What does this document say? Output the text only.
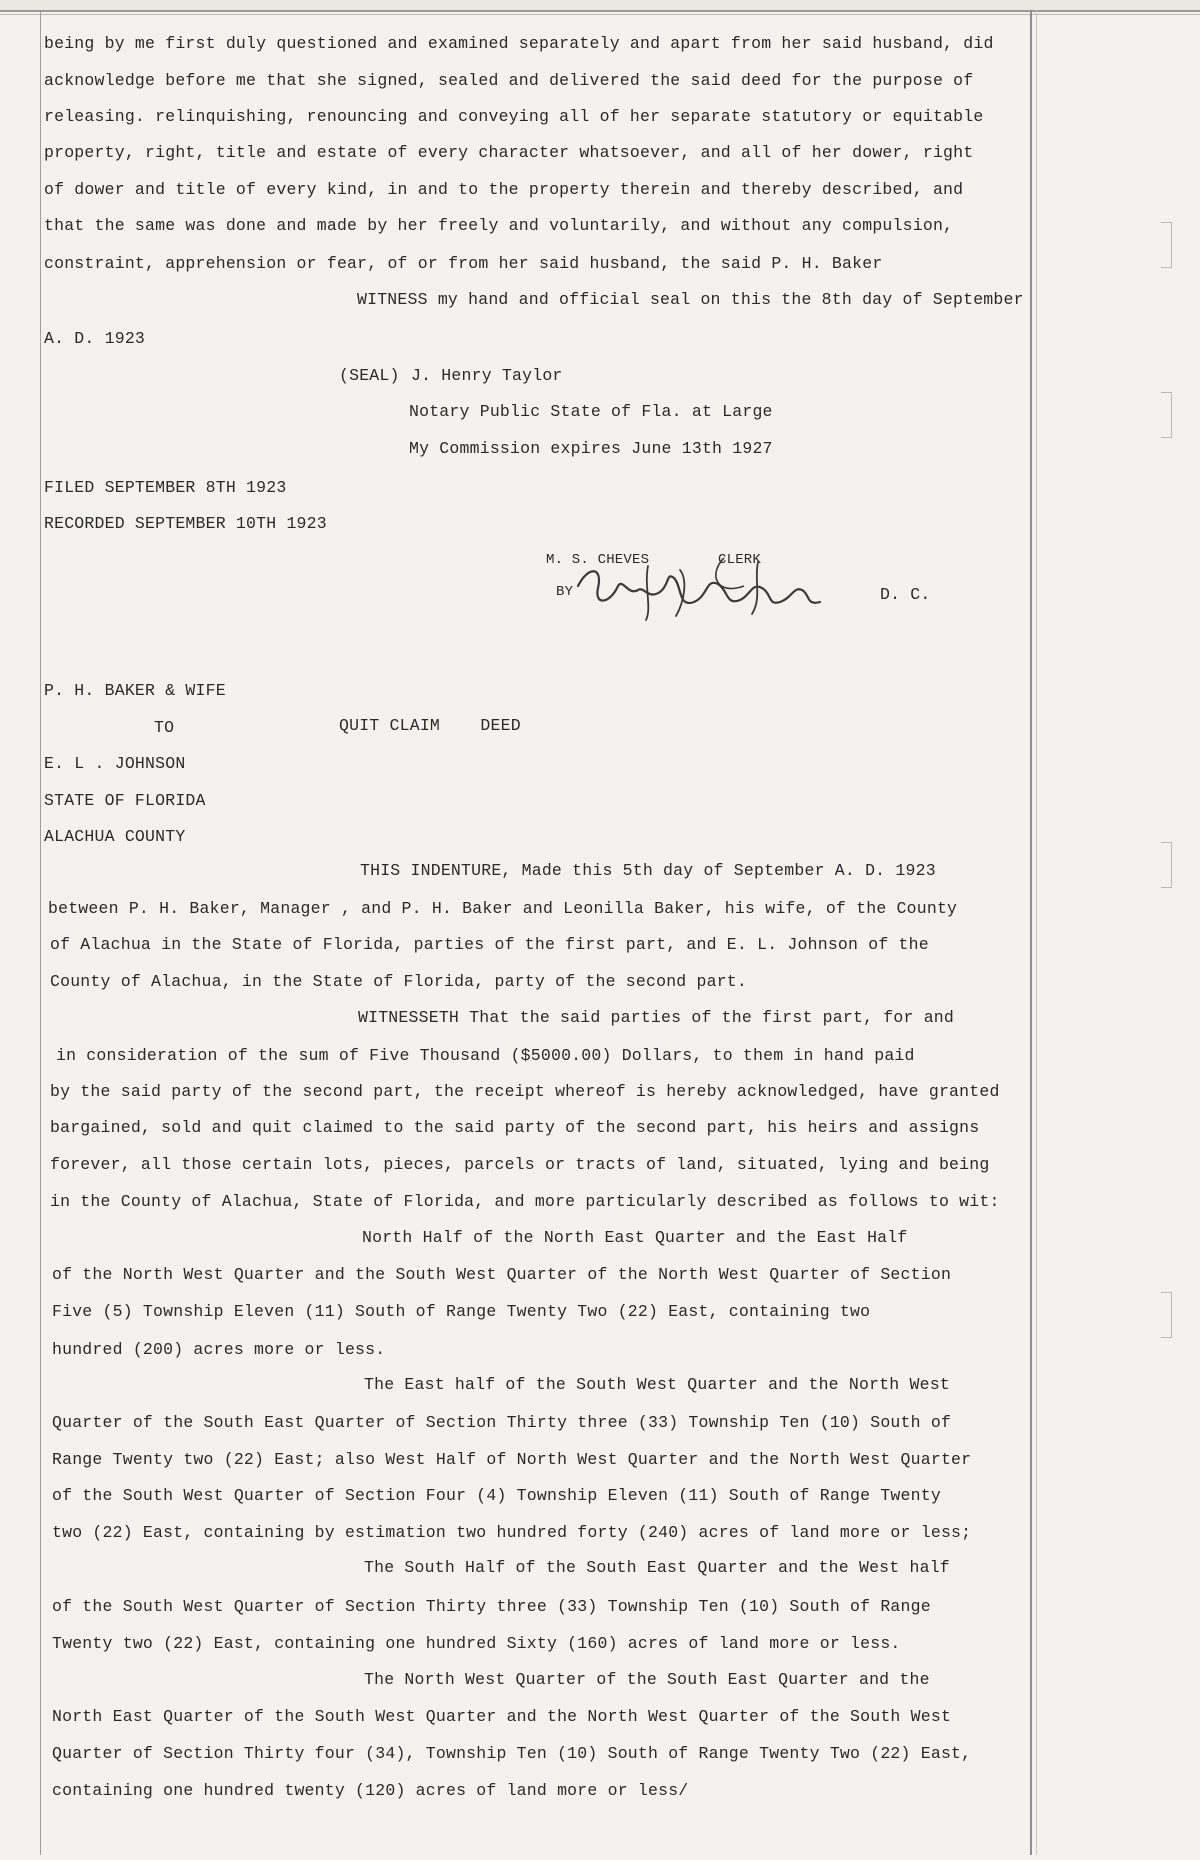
being by me first duly questioned and examined separately and apart from her said husband, did
acknowledge before me that she signed, sealed and delivered the said deed for the purpose of
releasing. relinquishing, renouncing and conveying all of her separate statutory or equitable
property, right, title and estate of every character whatsoever, and all of her dower, right
of dower and title of every kind, in and to the property therein and thereby described, and
that the same was done and made by her freely and voluntarily, and without any compulsion,
constraint, apprehension or fear, of or from her said husband, the said P. H. Baker
WITNESS my hand and official seal on this the 8th day of September
A. D. 1923
(SEAL) J. Henry Taylor
Notary Public State of Fla. at Large
My Commission expires June 13th 1927
FILED SEPTEMBER 8TH 1923
RECORDED SEPTEMBER 10TH 1923
M. S. CHEVES	CLERK
BY	D. C.
P. H. BAKER & WIFE
TO	QUIT CLAIM    DEED
E. L . JOHNSON
STATE OF FLORIDA
ALACHUA COUNTY
THIS INDENTURE, Made this 5th day of September A. D. 1923
between P. H. Baker, Manager , and P. H. Baker and Leonilla Baker, his wife, of the County
of Alachua in the State of Florida, parties of the first part, and E. L. Johnson of the
County of Alachua, in the State of Florida, party of the second part.
WITNESSETH That the said parties of the first part, for and
in consideration of the sum of Five Thousand ($5000.00) Dollars, to them in hand paid
by the said party of the second part, the receipt whereof is hereby acknowledged, have granted
bargained, sold and quit claimed to the said party of the second part, his heirs and assigns
forever, all those certain lots, pieces, parcels or tracts of land, situated, lying and being
in the County of Alachua, State of Florida, and more particularly described as follows to wit:
North Half of the North East Quarter and the East Half
of the North West Quarter and the South West Quarter of the North West Quarter of Section
Five (5) Township Eleven (11) South of Range Twenty Two (22) East, containing two
hundred (200) acres more or less.
The East half of the South West Quarter and the North West
Quarter of the South East Quarter of Section Thirty three (33) Township Ten (10) South of
Range Twenty two (22) East; also West Half of North West Quarter and the North West Quarter
of the South West Quarter of Section Four (4) Township Eleven (11) South of Range Twenty
two (22) East, containing by estimation two hundred forty (240) acres of land more or less;
The South Half of the South East Quarter and the West half
of the South West Quarter of Section Thirty three (33) Township Ten (10) South of Range
Twenty two (22) East, containing one hundred Sixty (160) acres of land more or less.
The North West Quarter of the South East Quarter and the
North East Quarter of the South West Quarter and the North West Quarter of the South West
Quarter of Section Thirty four (34), Township Ten (10) South of Range Twenty Two (22) East,
containing one hundred twenty (120) acres of land more or less/
